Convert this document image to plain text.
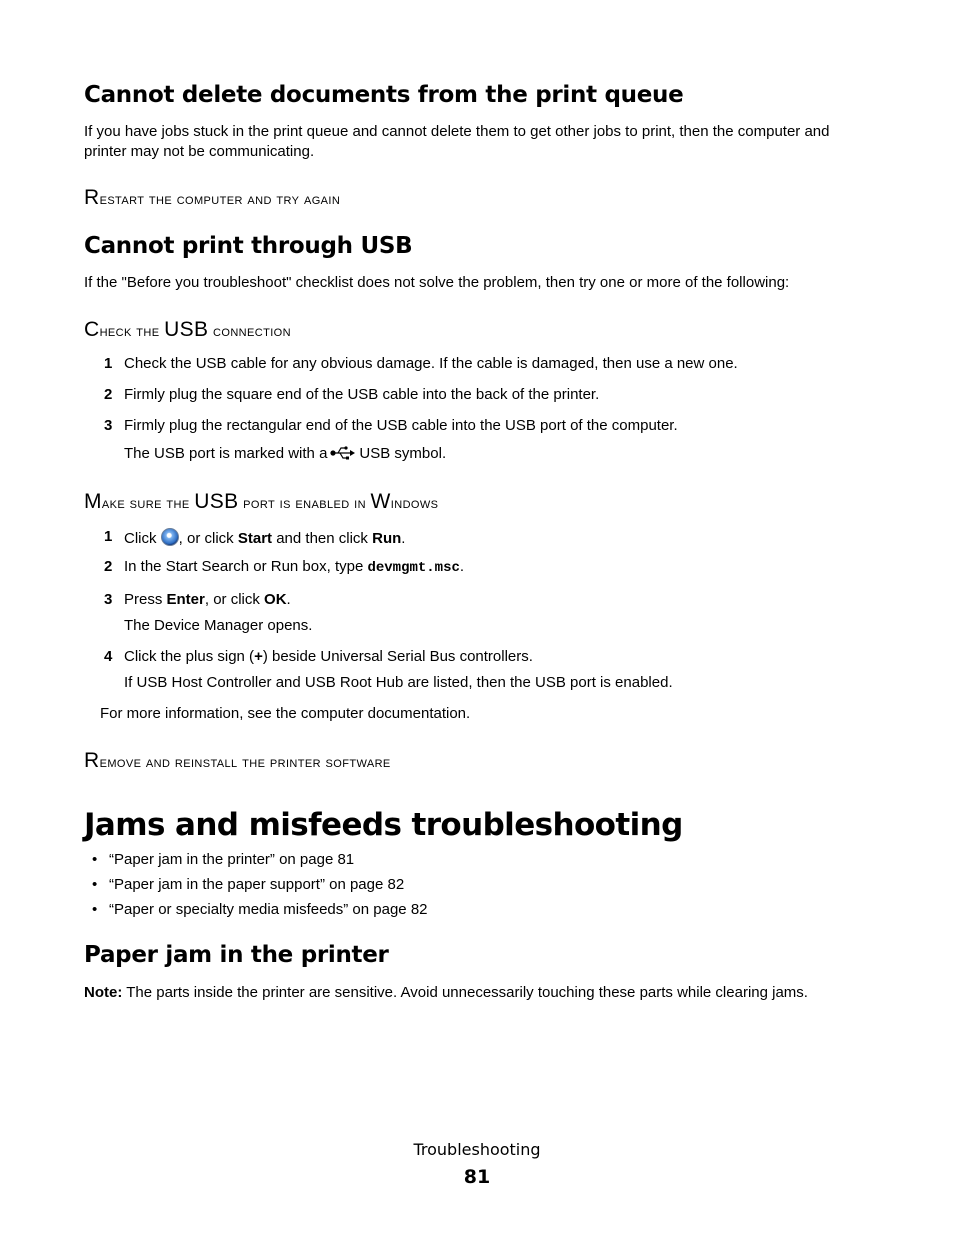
Cannot delete documents from the print queue
If you have jobs stuck in the print queue and cannot delete them to get other jobs to print, then the computer and
printer may not be communicating.
Restart the computer and try again
Cannot print through USB
If the "Before you troubleshoot" checklist does not solve the problem, then try one or more of the following:
Check the USB connection
1 Check the USB cable for any obvious damage. If the cable is damaged, then use a new one.
2 Firmly plug the square end of the USB cable into the back of the printer.
3 Firmly plug the rectangular end of the USB cable into the USB port of the computer.
The USB port is marked with a USB symbol.
Make sure the USB port is enabled in Windows
1 Click , or click Start and then click Run.
2 In the Start Search or Run box, type devmgmt.msc.
3 Press Enter, or click OK.
The Device Manager opens.
4 Click the plus sign (+) beside Universal Serial Bus controllers.
If USB Host Controller and USB Root Hub are listed, then the USB port is enabled.
For more information, see the computer documentation.
Remove and reinstall the printer software
Jams and misfeeds troubleshooting
• “Paper jam in the printer” on page 81
• “Paper jam in the paper support” on page 82
• “Paper or specialty media misfeeds” on page 82
Paper jam in the printer
Note: The parts inside the printer are sensitive. Avoid unnecessarily touching these parts while clearing jams.
Troubleshooting
81
